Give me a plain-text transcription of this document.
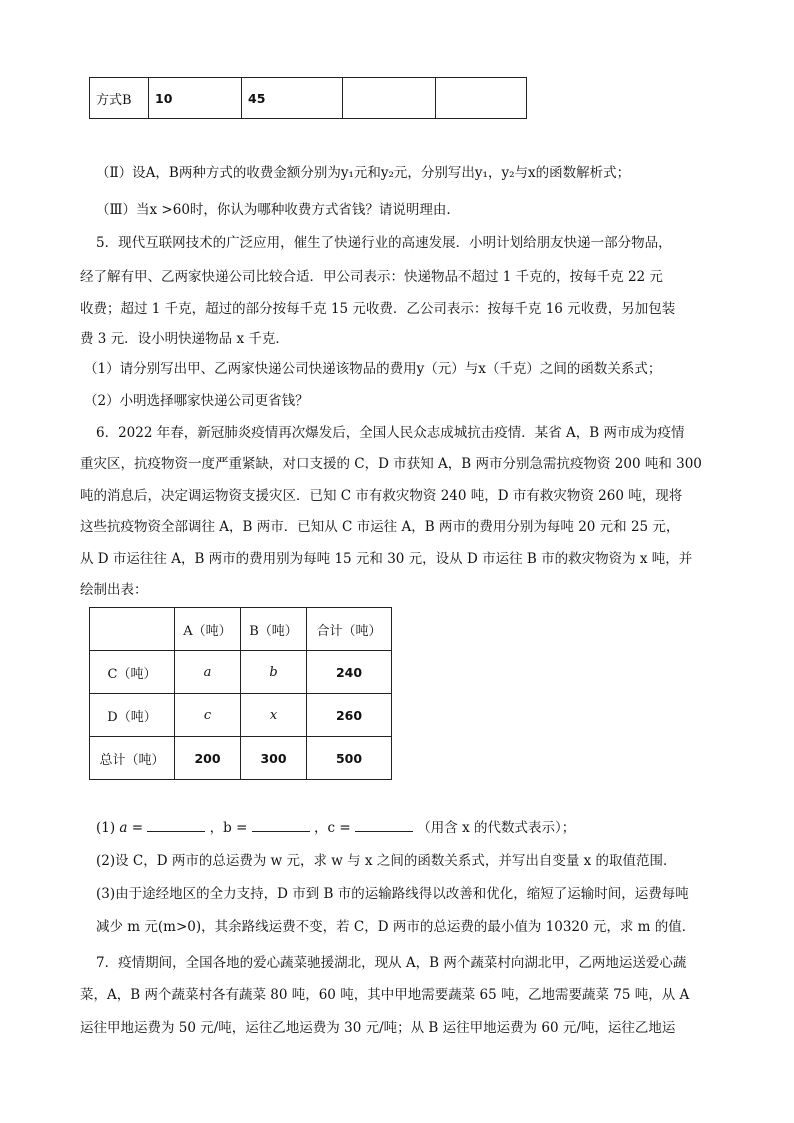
方式B	10	45		
（Ⅱ）设A，B两种方式的收费金额分别为y₁元和y₂元，分别写出y₁，y₂与x的函数解析式；
（Ⅲ）当x >60时，你认为哪种收费方式省钱？请说明理由.
5．现代互联网技术的广泛应用，催生了快递行业的高速发展．小明计划给朋友快递一部分物品，
经了解有甲、乙两家快递公司比较合适．甲公司表示：快递物品不超过 1 千克的，按每千克 22 元
收费；超过 1 千克，超过的部分按每千克 15 元收费．乙公司表示：按每千克 16 元收费，另加包装
费 3 元．设小明快递物品 x 千克．
（1）请分别写出甲、乙两家快递公司快递该物品的费用y（元）与x（千克）之间的函数关系式；
（2）小明选择哪家快递公司更省钱？
6．2022 年春，新冠肺炎疫情再次爆发后，全国人民众志成城抗击疫情．某省 A，B 两市成为疫情
重灾区，抗疫物资一度严重紧缺，对口支援的 C，D 市获知 A，B 两市分别急需抗疫物资 200 吨和 300
吨的消息后，决定调运物资支援灾区．已知 C 市有救灾物资 240 吨，D 市有救灾物资 260 吨，现将
这些抗疫物资全部调往 A，B 两市．已知从 C 市运往 A，B 两市的费用分别为每吨 20 元和 25 元，
从 D 市运往往 A，B 两市的费用别为每吨 15 元和 30 元，设从 D 市运往 B 市的救灾物资为 x 吨，并
绘制出表：
	A（吨）	B（吨）	合计（吨）
C（吨）	a	b	240
D（吨）	c	x	260
总计（吨）	200	300	500
(1) a =	，b =	，c =	（用含 x 的代数式表示）；
(2)设 C，D 两市的总运费为 w 元，求 w 与 x 之间的函数关系式，并写出自变量 x 的取值范围．
(3)由于途经地区的全力支持，D 市到 B 市的运输路线得以改善和优化，缩短了运输时间，运费每吨
减少 m 元(m>0)，其余路线运费不变，若 C，D 两市的总运费的最小值为 10320 元，求 m 的值．
7．疫情期间，全国各地的爱心蔬菜驰援湖北，现从 A，B 两个蔬菜村向湖北甲，乙两地运送爱心蔬
菜，A，B 两个蔬菜村各有蔬菜 80 吨，60 吨，其中甲地需要蔬菜 65 吨，乙地需要蔬菜 75 吨，从 A
运往甲地运费为 50 元/吨，运往乙地运费为 30 元/吨；从 B 运往甲地运费为 60 元/吨，运往乙地运
